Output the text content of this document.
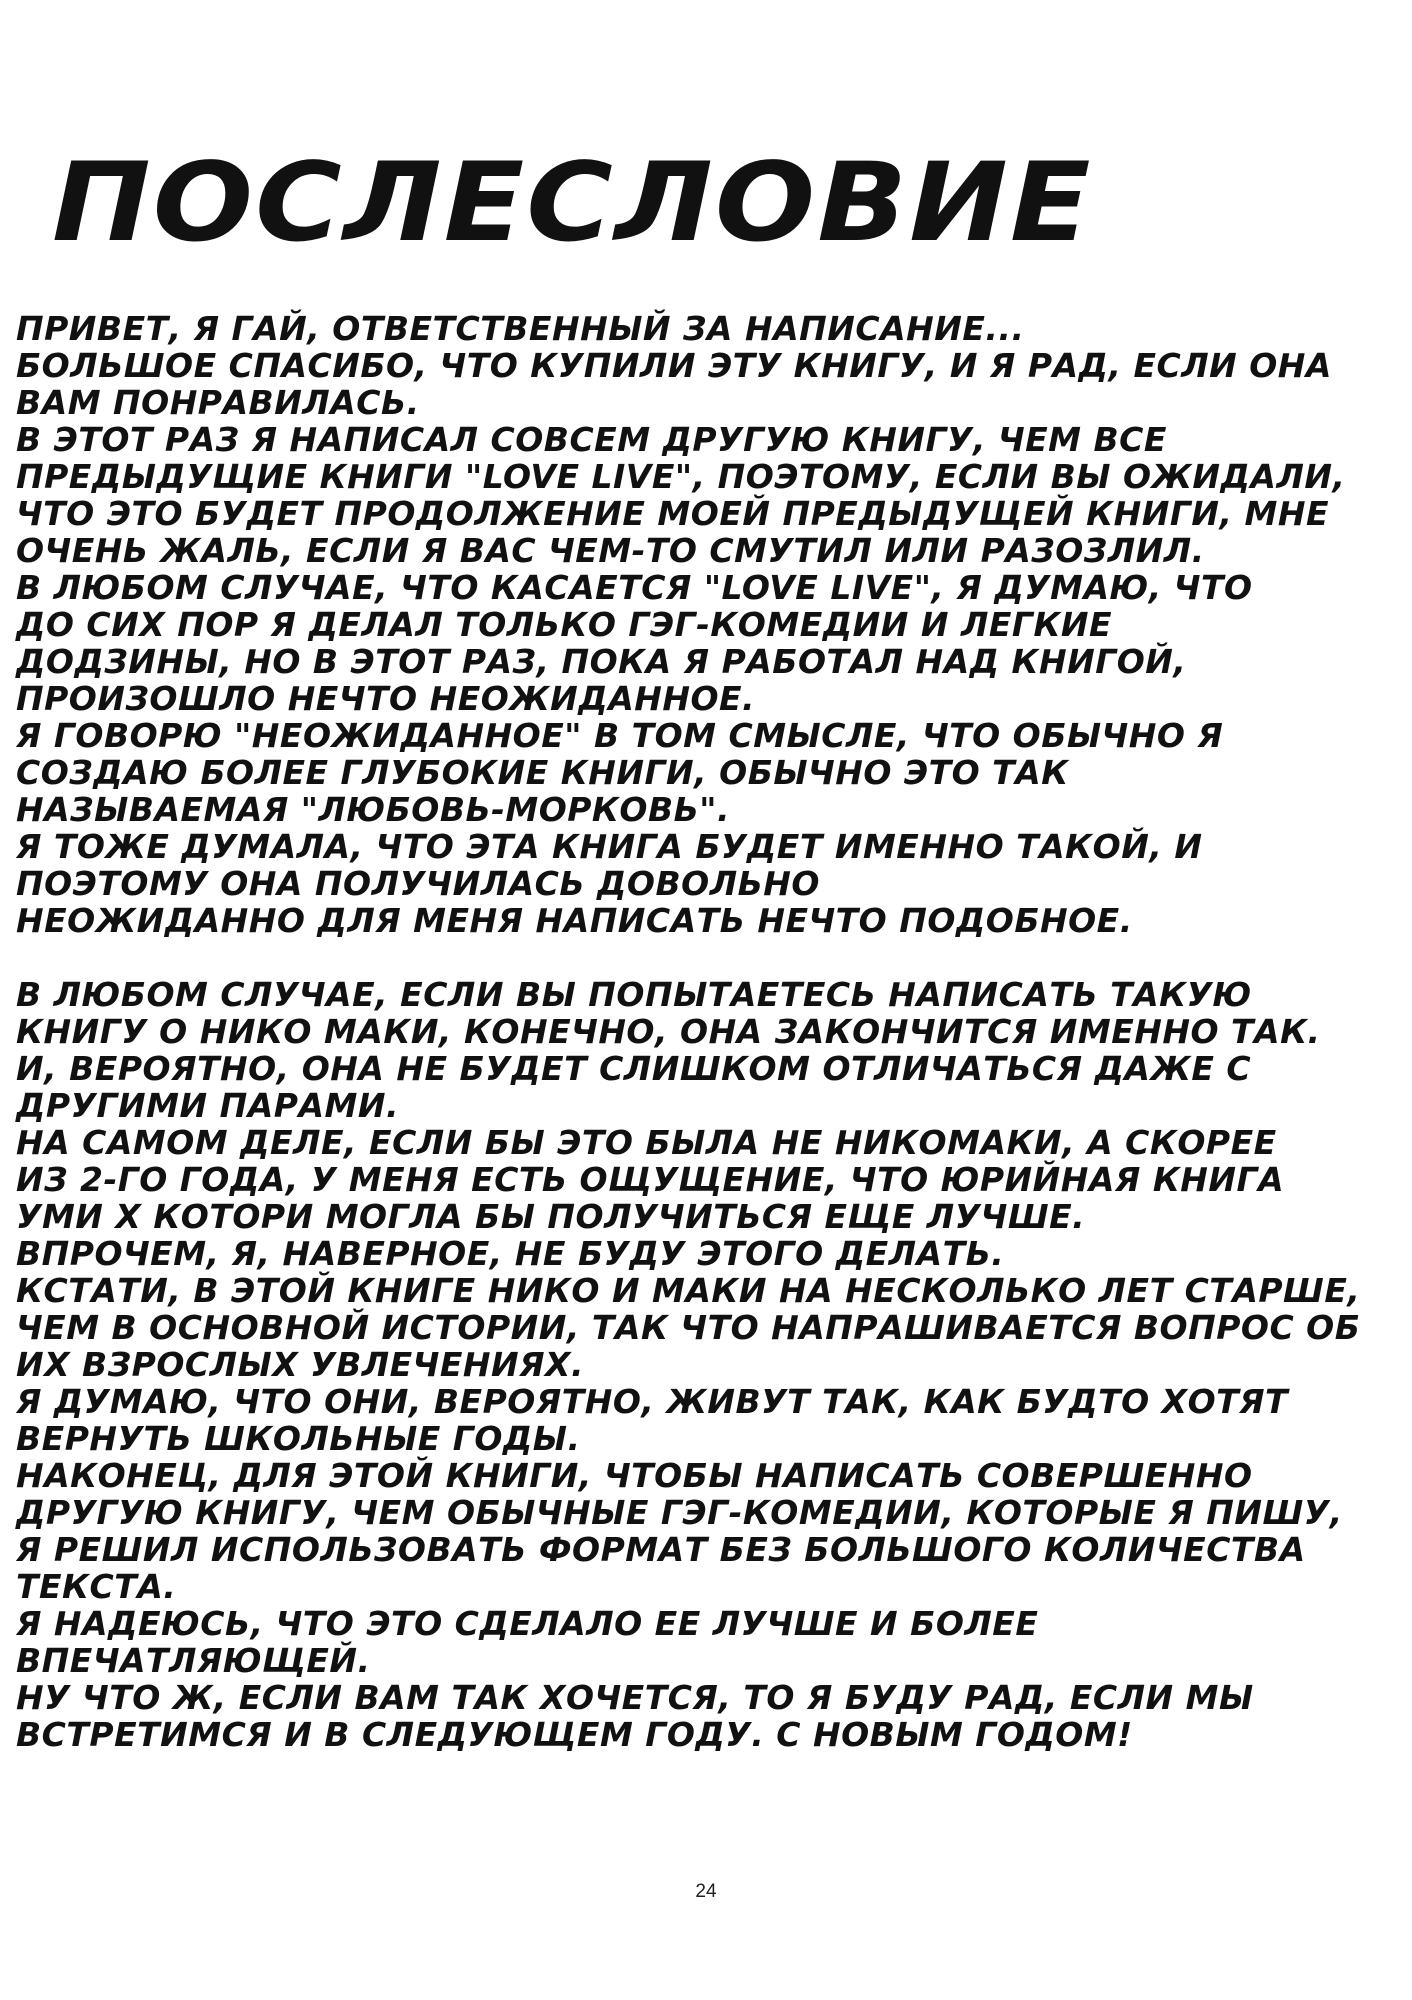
ПОСЛЕСЛОВИЕ
ПРИВЕТ, Я ГАЙ, ОТВЕТСТВЕННЫЙ ЗА НАПИСАНИЕ...
БОЛЬШОЕ СПАСИБО, ЧТО КУПИЛИ ЭТУ КНИГУ, И Я РАД, ЕСЛИ ОНА
ВАМ ПОНРАВИЛАСЬ.
В ЭТОТ РАЗ Я НАПИСАЛ СОВСЕМ ДРУГУЮ КНИГУ, ЧЕМ ВСЕ
ПРЕДЫДУЩИЕ КНИГИ "LOVE LIVE", ПОЭТОМУ, ЕСЛИ ВЫ ОЖИДАЛИ,
ЧТО ЭТО БУДЕТ ПРОДОЛЖЕНИЕ МОЕЙ ПРЕДЫДУЩЕЙ КНИГИ, МНЕ
ОЧЕНЬ ЖАЛЬ, ЕСЛИ Я ВАС ЧЕМ-ТО СМУТИЛ ИЛИ РАЗОЗЛИЛ.
В ЛЮБОМ СЛУЧАЕ, ЧТО КАСАЕТСЯ "LOVE LIVE", Я ДУМАЮ, ЧТО
ДО СИХ ПОР Я ДЕЛАЛ ТОЛЬКО ГЭГ-КОМЕДИИ И ЛЕГКИЕ
ДОДЗИНЫ, НО В ЭТОТ РАЗ, ПОКА Я РАБОТАЛ НАД КНИГОЙ,
ПРОИЗОШЛО НЕЧТО НЕОЖИДАННОЕ.
Я ГОВОРЮ "НЕОЖИДАННОЕ" В ТОМ СМЫСЛЕ, ЧТО ОБЫЧНО Я
СОЗДАЮ БОЛЕЕ ГЛУБОКИЕ КНИГИ, ОБЫЧНО ЭТО ТАК
НАЗЫВАЕМАЯ "ЛЮБОВЬ-МОРКОВЬ".
Я ТОЖЕ ДУМАЛА, ЧТО ЭТА КНИГА БУДЕТ ИМЕННО ТАКОЙ, И
ПОЭТОМУ ОНА ПОЛУЧИЛАСЬ ДОВОЛЬНО
НЕОЖИДАННО ДЛЯ МЕНЯ НАПИСАТЬ НЕЧТО ПОДОБНОЕ.
В ЛЮБОМ СЛУЧАЕ, ЕСЛИ ВЫ ПОПЫТАЕТЕСЬ НАПИСАТЬ ТАКУЮ
КНИГУ О НИКО МАКИ, КОНЕЧНО, ОНА ЗАКОНЧИТСЯ ИМЕННО ТАК.
И, ВЕРОЯТНО, ОНА НЕ БУДЕТ СЛИШКОМ ОТЛИЧАТЬСЯ ДАЖЕ С
ДРУГИМИ ПАРАМИ.
НА САМОМ ДЕЛЕ, ЕСЛИ БЫ ЭТО БЫЛА НЕ НИКОМАКИ, А СКОРЕЕ
ИЗ 2-ГО ГОДА, У МЕНЯ ЕСТЬ ОЩУЩЕНИЕ, ЧТО ЮРИЙНАЯ КНИГА
УМИ Х КОТОРИ МОГЛА БЫ ПОЛУЧИТЬСЯ ЕЩЕ ЛУЧШЕ.
ВПРОЧЕМ, Я, НАВЕРНОЕ, НЕ БУДУ ЭТОГО ДЕЛАТЬ.
КСТАТИ, В ЭТОЙ КНИГЕ НИКО И МАКИ НА НЕСКОЛЬКО ЛЕТ СТАРШЕ,
ЧЕМ В ОСНОВНОЙ ИСТОРИИ, ТАК ЧТО НАПРАШИВАЕТСЯ ВОПРОС ОБ
ИХ ВЗРОСЛЫХ УВЛЕЧЕНИЯХ.
Я ДУМАЮ, ЧТО ОНИ, ВЕРОЯТНО, ЖИВУТ ТАК, КАК БУДТО ХОТЯТ
ВЕРНУТЬ ШКОЛЬНЫЕ ГОДЫ.
НАКОНЕЦ, ДЛЯ ЭТОЙ КНИГИ, ЧТОБЫ НАПИСАТЬ СОВЕРШЕННО
ДРУГУЮ КНИГУ, ЧЕМ ОБЫЧНЫЕ ГЭГ-КОМЕДИИ, КОТОРЫЕ Я ПИШУ,
Я РЕШИЛ ИСПОЛЬЗОВАТЬ ФОРМАТ БЕЗ БОЛЬШОГО КОЛИЧЕСТВА
ТЕКСТА.
Я НАДЕЮСЬ, ЧТО ЭТО СДЕЛАЛО ЕЕ ЛУЧШЕ И БОЛЕЕ
ВПЕЧАТЛЯЮЩЕЙ.
НУ ЧТО Ж, ЕСЛИ ВАМ ТАК ХОЧЕТСЯ, ТО Я БУДУ РАД, ЕСЛИ МЫ
ВСТРЕТИМСЯ И В СЛЕДУЮЩЕМ ГОДУ. С НОВЫМ ГОДОМ!
24
